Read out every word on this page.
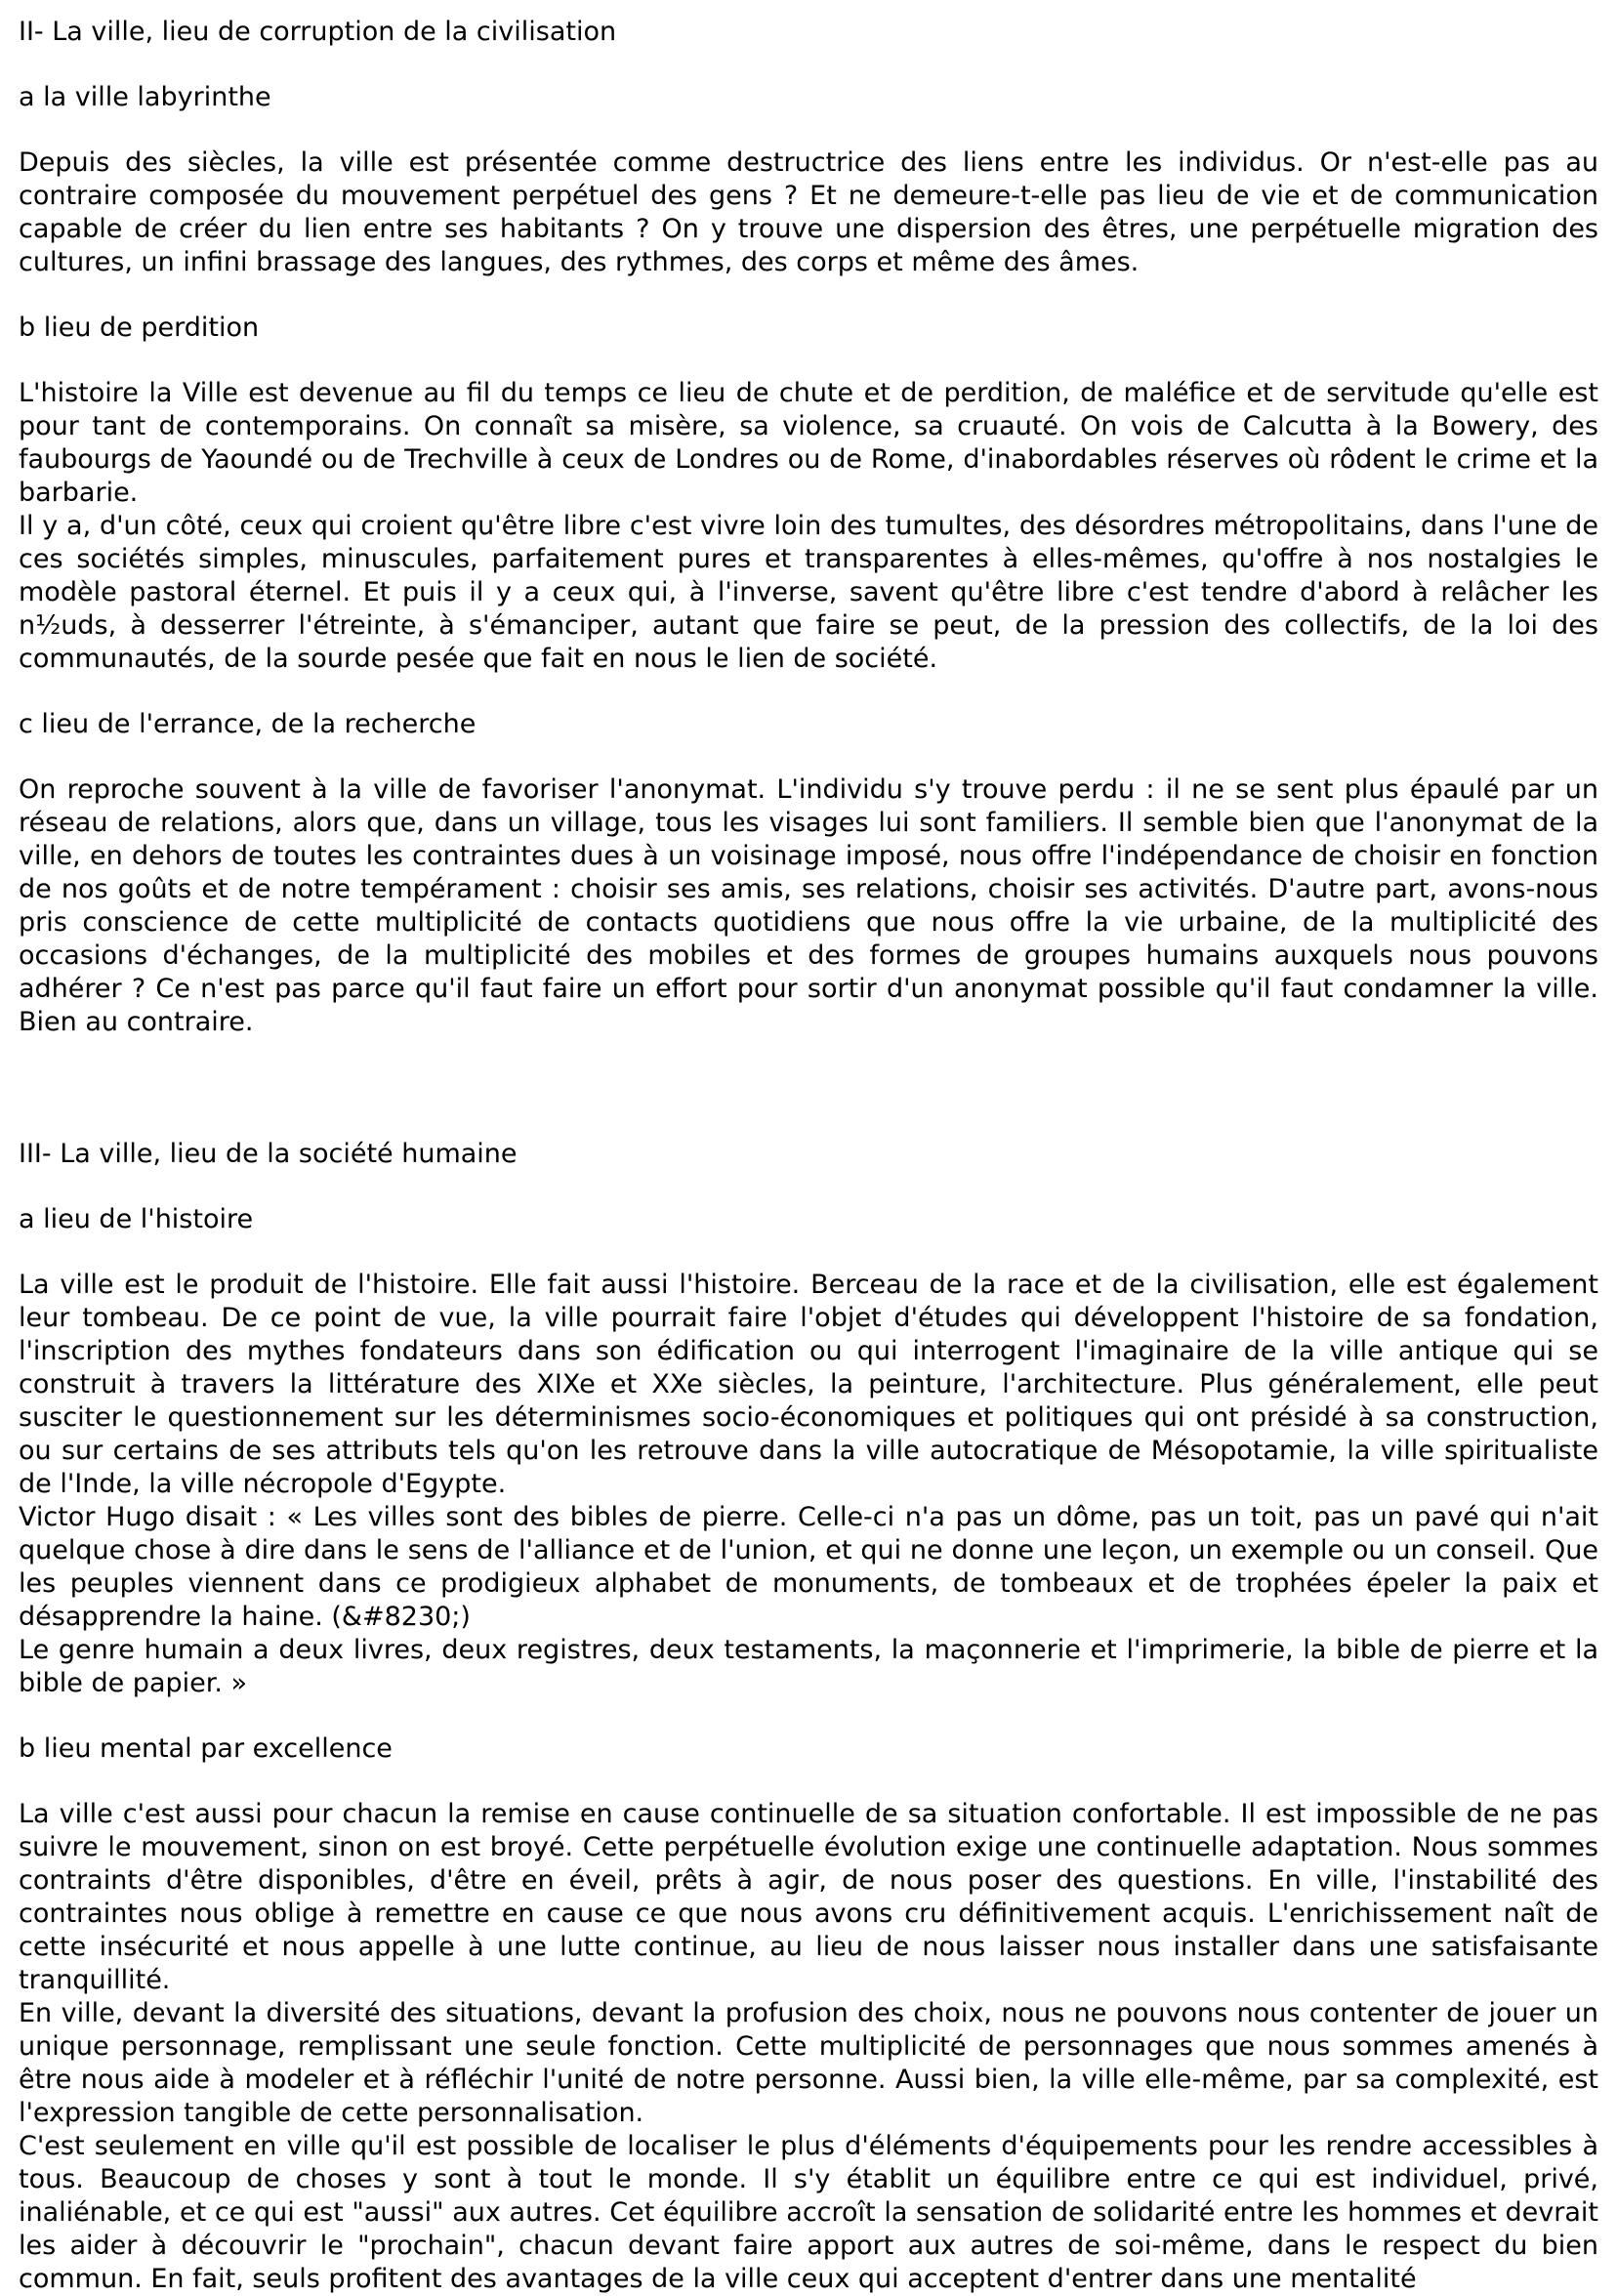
II- La ville, lieu de corruption de la civilisation
a la ville labyrinthe

Depuis des siècles, la ville est présentée comme destructrice des liens entre les individus. Or n'est-elle pas au contraire composée du mouvement perpétuel des gens ? Et ne demeure-t-elle pas lieu de vie et de communication capable de créer du lien entre ses habitants ? On y trouve une dispersion des êtres, une perpétuelle migration des cultures, un infini brassage des langues, des rythmes, des corps et même des âmes.

b lieu de perdition

L'histoire la Ville est devenue au fil du temps ce lieu de chute et de perdition, de maléfice et de servitude qu'elle est pour tant de contemporains. On connaît sa misère, sa violence, sa cruauté. On vois de Calcutta à la Bowery, des faubourgs de Yaoundé ou de Trechville à ceux de Londres ou de Rome, d'inabordables réserves où rôdent le crime et la barbarie.

Il y a, d'un côté, ceux qui croient qu'être libre c'est vivre loin des tumultes, des désordres métropolitains, dans l'une de ces sociétés simples, minuscules, parfaitement pures et transparentes à elles-mêmes, qu'offre à nos nostalgies le modèle pastoral éternel. Et puis il y a ceux qui, à l'inverse, savent qu'être libre c'est tendre d'abord à relâcher les n½uds, à desserrer l'étreinte, à s'émanciper, autant que faire se peut, de la pression des collectifs, de la loi des communautés, de la sourde pesée que fait en nous le lien de société.

c lieu de l'errance, de la recherche

On reproche souvent à la ville de favoriser l'anonymat. L'individu s'y trouve perdu : il ne se sent plus épaulé par un réseau de relations, alors que, dans un village, tous les visages lui sont familiers. Il semble bien que l'anonymat de la ville, en dehors de toutes les contraintes dues à un voisinage imposé, nous offre l'indépendance de choisir en fonction de nos goûts et de notre tempérament : choisir ses amis, ses relations, choisir ses activités. D'autre part, avons-nous pris conscience de cette multiplicité de contacts quotidiens que nous offre la vie urbaine, de la multiplicité des occasions d'échanges, de la multiplicité des mobiles et des formes de groupes humains auxquels nous pouvons adhérer ? Ce n'est pas parce qu'il faut faire un effort pour sortir d'un anonymat possible qu'il faut condamner la ville. Bien au contraire.

III- La ville, lieu de la société humaine
a lieu de l'histoire

La ville est le produit de l'histoire. Elle fait aussi l'histoire. Berceau de la race et de la civilisation, elle est également leur tombeau. De ce point de vue, la ville pourrait faire l'objet d'études qui développent l'histoire de sa fondation, l'inscription des mythes fondateurs dans son édification ou qui interrogent l'imaginaire de la ville antique qui se construit à travers la littérature des XIXe et XXe siècles, la peinture, l'architecture. Plus généralement, elle peut susciter le questionnement sur les déterminismes socio-économiques et politiques qui ont présidé à sa construction, ou sur certains de ses attributs tels qu'on les retrouve dans la ville autocratique de Mésopotamie, la ville spiritualiste de l'Inde, la ville nécropole d'Egypte.

Victor Hugo disait : « Les villes sont des bibles de pierre. Celle-ci n'a pas un dôme, pas un toit, pas un pavé qui n'ait quelque chose à dire dans le sens de l'alliance et de l'union, et qui ne donne une leçon, un exemple ou un conseil. Que les peuples viennent dans ce prodigieux alphabet de monuments, de tombeaux et de trophées épeler la paix et désapprendre la haine. (&#8230;)

Le genre humain a deux livres, deux registres, deux testaments, la maçonnerie et l'imprimerie, la bible de pierre et la bible de papier. »

b lieu mental par excellence

La ville c'est aussi pour chacun la remise en cause continuelle de sa situation confortable. Il est impossible de ne pas suivre le mouvement, sinon on est broyé. Cette perpétuelle évolution exige une continuelle adaptation. Nous sommes contraints d'être disponibles, d'être en éveil, prêts à agir, de nous poser des questions. En ville, l'instabilité des contraintes nous oblige à remettre en cause ce que nous avons cru définitivement acquis. L'enrichissement naît de cette insécurité et nous appelle à une lutte continue, au lieu de nous laisser nous installer dans une satisfaisante tranquillité.

En ville, devant la diversité des situations, devant la profusion des choix, nous ne pouvons nous contenter de jouer un unique personnage, remplissant une seule fonction. Cette multiplicité de personnages que nous sommes amenés à être nous aide à modeler et à réfléchir l'unité de notre personne. Aussi bien, la ville elle-même, par sa complexité, est l'expression tangible de cette personnalisation.

C'est seulement en ville qu'il est possible de localiser le plus d'éléments d'équipements pour les rendre accessibles à tous. Beaucoup de choses y sont à tout le monde. Il s'y établit un équilibre entre ce qui est individuel, privé, inaliénable, et ce qui est "aussi" aux autres. Cet équilibre accroît la sensation de solidarité entre les hommes et devrait les aider à découvrir le "prochain", chacun devant faire apport aux autres de soi-même, dans le respect du bien commun. En fait, seuls profitent des avantages de la ville ceux qui acceptent d'entrer dans une mentalité
